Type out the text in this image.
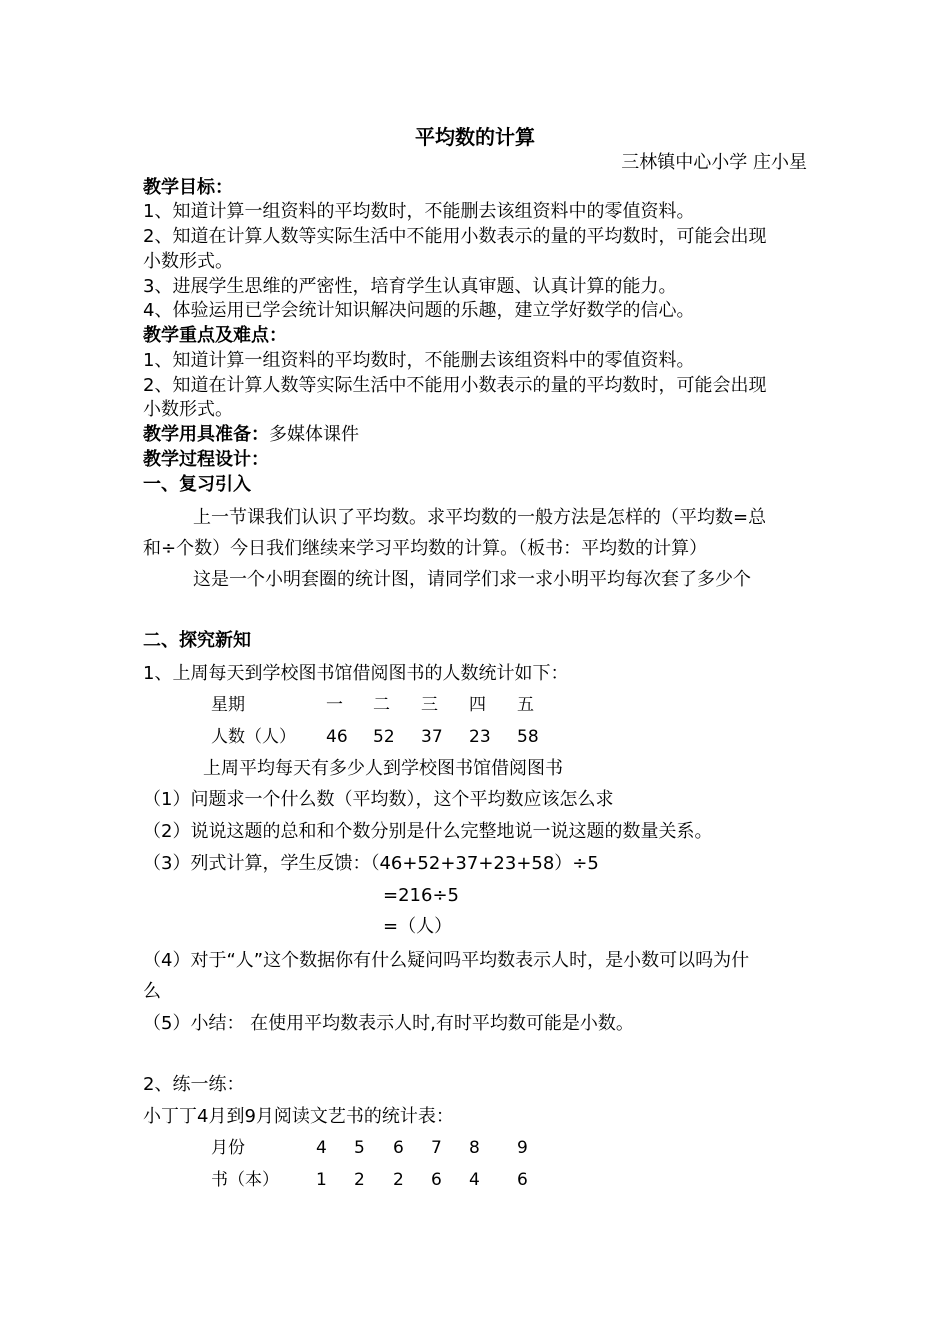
平均数的计算
三林镇中心小学 庄小星
教学目标：
1、知道计算一组资料的平均数时，不能删去该组资料中的零值资料。
2、知道在计算人数等实际生活中不能用小数表示的量的平均数时，可能会出现
小数形式。
3、进展学生思维的严密性，培育学生认真审题、认真计算的能力。
4、体验运用已学会统计知识解决问题的乐趣，建立学好数学的信心。
教学重点及难点：
1、知道计算一组资料的平均数时，不能删去该组资料中的零值资料。
2、知道在计算人数等实际生活中不能用小数表示的量的平均数时，可能会出现
小数形式。
教学用具准备：多媒体课件
教学过程设计：
一、复习引入
上一节课我们认识了平均数。求平均数的一般方法是怎样的（平均数=总
和÷个数）今日我们继续来学习平均数的计算。（板书：平均数的计算）
这是一个小明套圈的统计图，请同学们求一求小明平均每次套了多少个
二、探究新知
1、上周每天到学校图书馆借阅图书的人数统计如下：
星期	一 二 三 四 五
人数（人） 46 52 37 23 58
上周平均每天有多少人到学校图书馆借阅图书
（1）问题求一个什么数（平均数），这个平均数应该怎么求
（2）说说这题的总和和个数分别是什么完整地说一说这题的数量关系。
（3）列式计算，学生反馈：（46+52+37+23+58）÷5
=216÷5
=（人）
（4）对于“人”这个数据你有什么疑问吗平均数表示人时，是小数可以吗为什
么
（5）小结： 在使用平均数表示人时,有时平均数可能是小数。
2、练一练：
小丁丁4月到9月阅读文艺书的统计表：
月份	4 5 6 7 8 9
书（本） 1 2 2 6 4 6
